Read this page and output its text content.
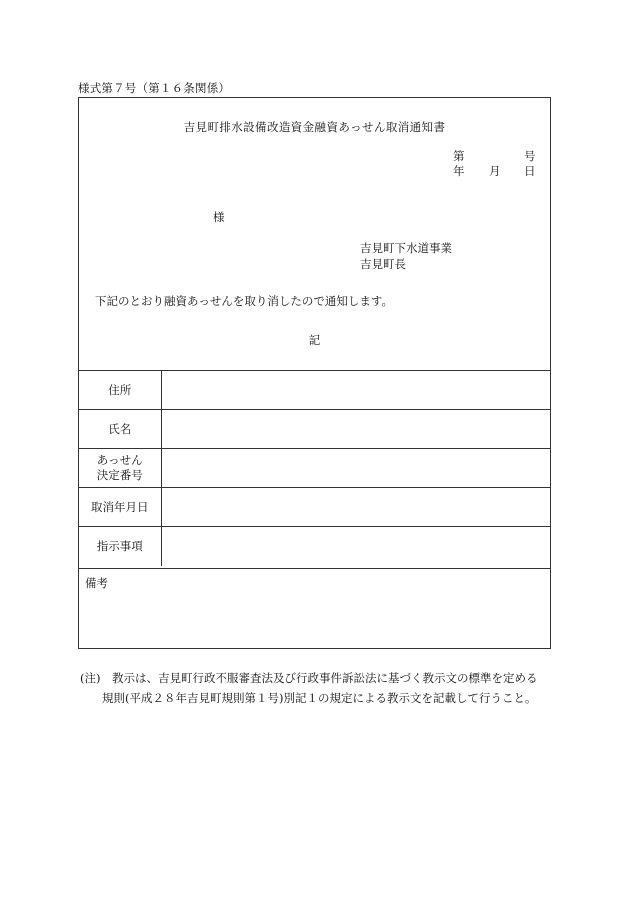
様式第７号（第１６条関係）
吉見町排水設備改造資金融資あっせん取消通知書
第	号
年 月 日
様
吉見町下水道事業
吉見町長
下記のとおり融資あっせんを取り消したので通知します。
記
住所	
氏名	

あっせん
決定番号	

取消年月日	
指示事項	
備考
(注)　教示は、吉見町行政不服審査法及び行政事件訴訟法に基づく教示文の標準を定める
規則(平成２８年吉見町規則第１号)別記１の規定による教示文を記載して行うこと。
